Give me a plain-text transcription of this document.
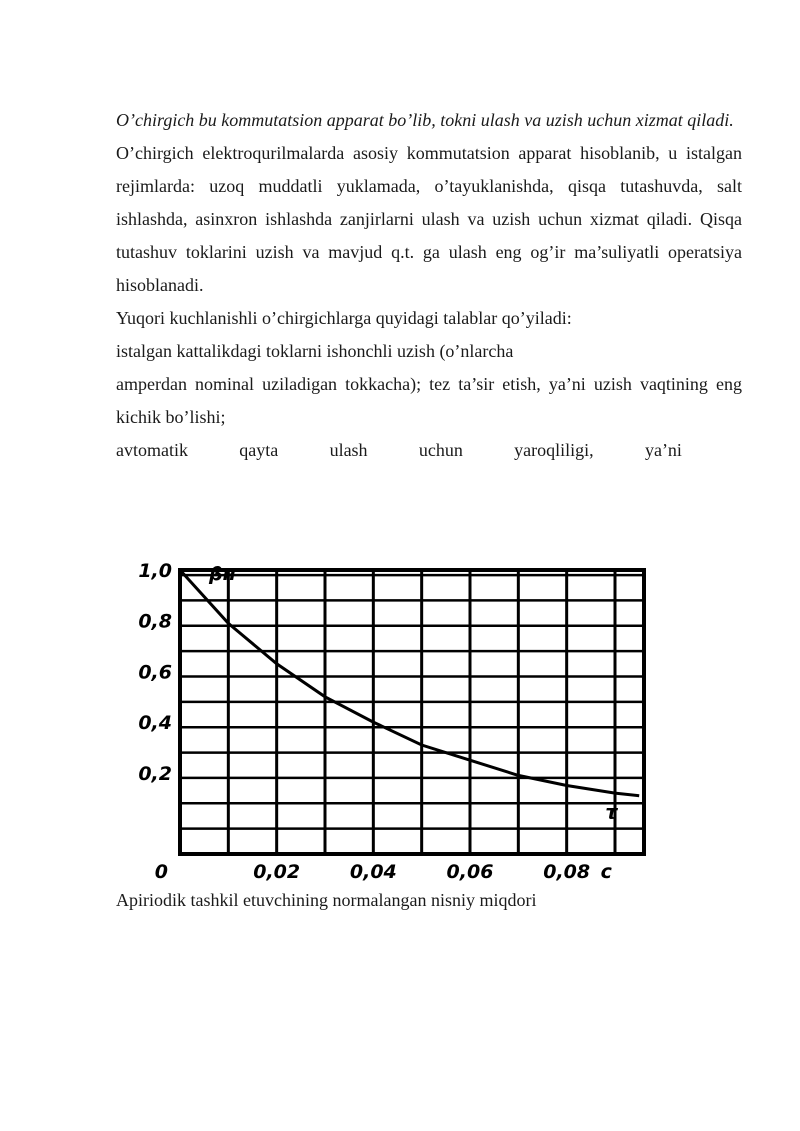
O’chirgich bu kommutatsion apparat bo’lib, tokni ulash va uzish uchun xizmat qiladi.

O’chirgich elektroqurilmalarda asosiy kommutatsion apparat hisoblanib, u istalgan rejimlarda: uzoq muddatli yuklamada, o’tayuklanishda, qisqa tutashuvda, salt ishlashda, asinxron ishlashda zanjirlarni ulash va uzish uchun xizmat qiladi. Qisqa tutashuv toklarini uzish va mavjud q.t. ga ulash eng og’ir ma’suliyatli operatsiya hisoblanadi.

Yuqori kuchlanishli o’chirgichlarga quyidagi talablar qo’yiladi:

istalgan kattalikdagi toklarni ishonchli uzish (o’nlarcha

amperdan nominal uziladigan tokkacha); tez ta’sir etish, ya’ni uzish vaqtining eng kichik bo’lishi;

avtomatik	qayta	ulash	uchun	yaroqliligi,	ya’ni
0,2
0,4
0,6
0,8
1,0
0,02	0,04	0,06	0,08
0	c
βн
τ

Apiriodik tashkil etuvchining normalangan nisniy miqdori
